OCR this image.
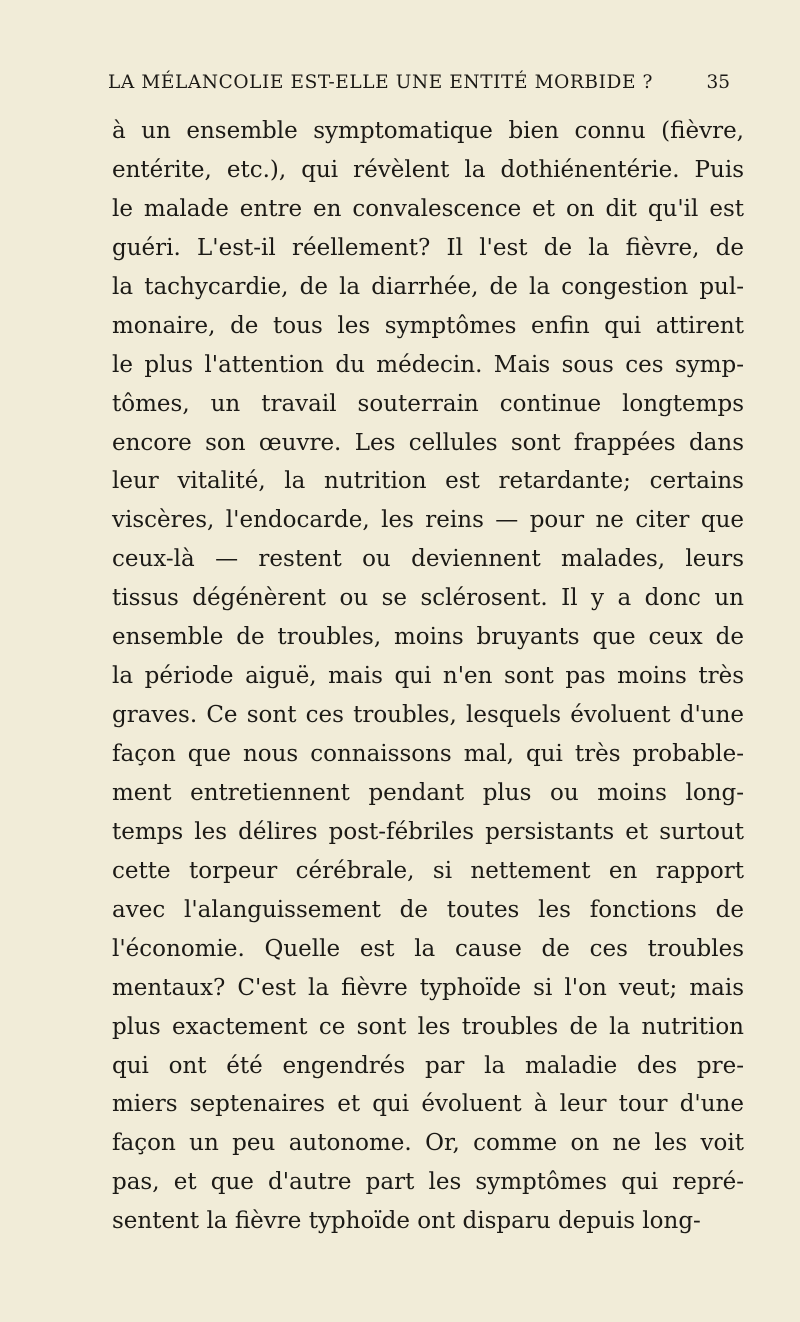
LA MÉLANCOLIE EST-ELLE UNE ENTITÉ MORBIDE ?	35
à un ensemble symptomatique bien connu (fièvre,
entérite, etc.), qui révèlent la dothiénentérie. Puis
le malade entre en convalescence et on dit qu'il est
guéri. L'est-il réellement? Il l'est de la fièvre, de
la tachycardie, de la diarrhée, de la congestion pul-
monaire, de tous les symptômes enfin qui attirent
le plus l'attention du médecin. Mais sous ces symp-
tômes, un travail souterrain continue longtemps
encore son œuvre. Les cellules sont frappées dans
leur vitalité, la nutrition est retardante; certains
viscères, l'endocarde, les reins — pour ne citer que
ceux-là — restent ou deviennent malades, leurs
tissus dégénèrent ou se sclérosent. Il y a donc un
ensemble de troubles, moins bruyants que ceux de
la période aiguë, mais qui n'en sont pas moins très
graves. Ce sont ces troubles, lesquels évoluent d'une
façon que nous connaissons mal, qui très probable-
ment entretiennent pendant plus ou moins long-
temps les délires post-fébriles persistants et surtout
cette torpeur cérébrale, si nettement en rapport
avec l'alanguissement de toutes les fonctions de
l'économie. Quelle est la cause de ces troubles
mentaux? C'est la fièvre typhoïde si l'on veut; mais
plus exactement ce sont les troubles de la nutrition
qui ont été engendrés par la maladie des pre-
miers septenaires et qui évoluent à leur tour d'une
façon un peu autonome. Or, comme on ne les voit
pas, et que d'autre part les symptômes qui repré-
sentent la fièvre typhoïde ont disparu depuis long-
